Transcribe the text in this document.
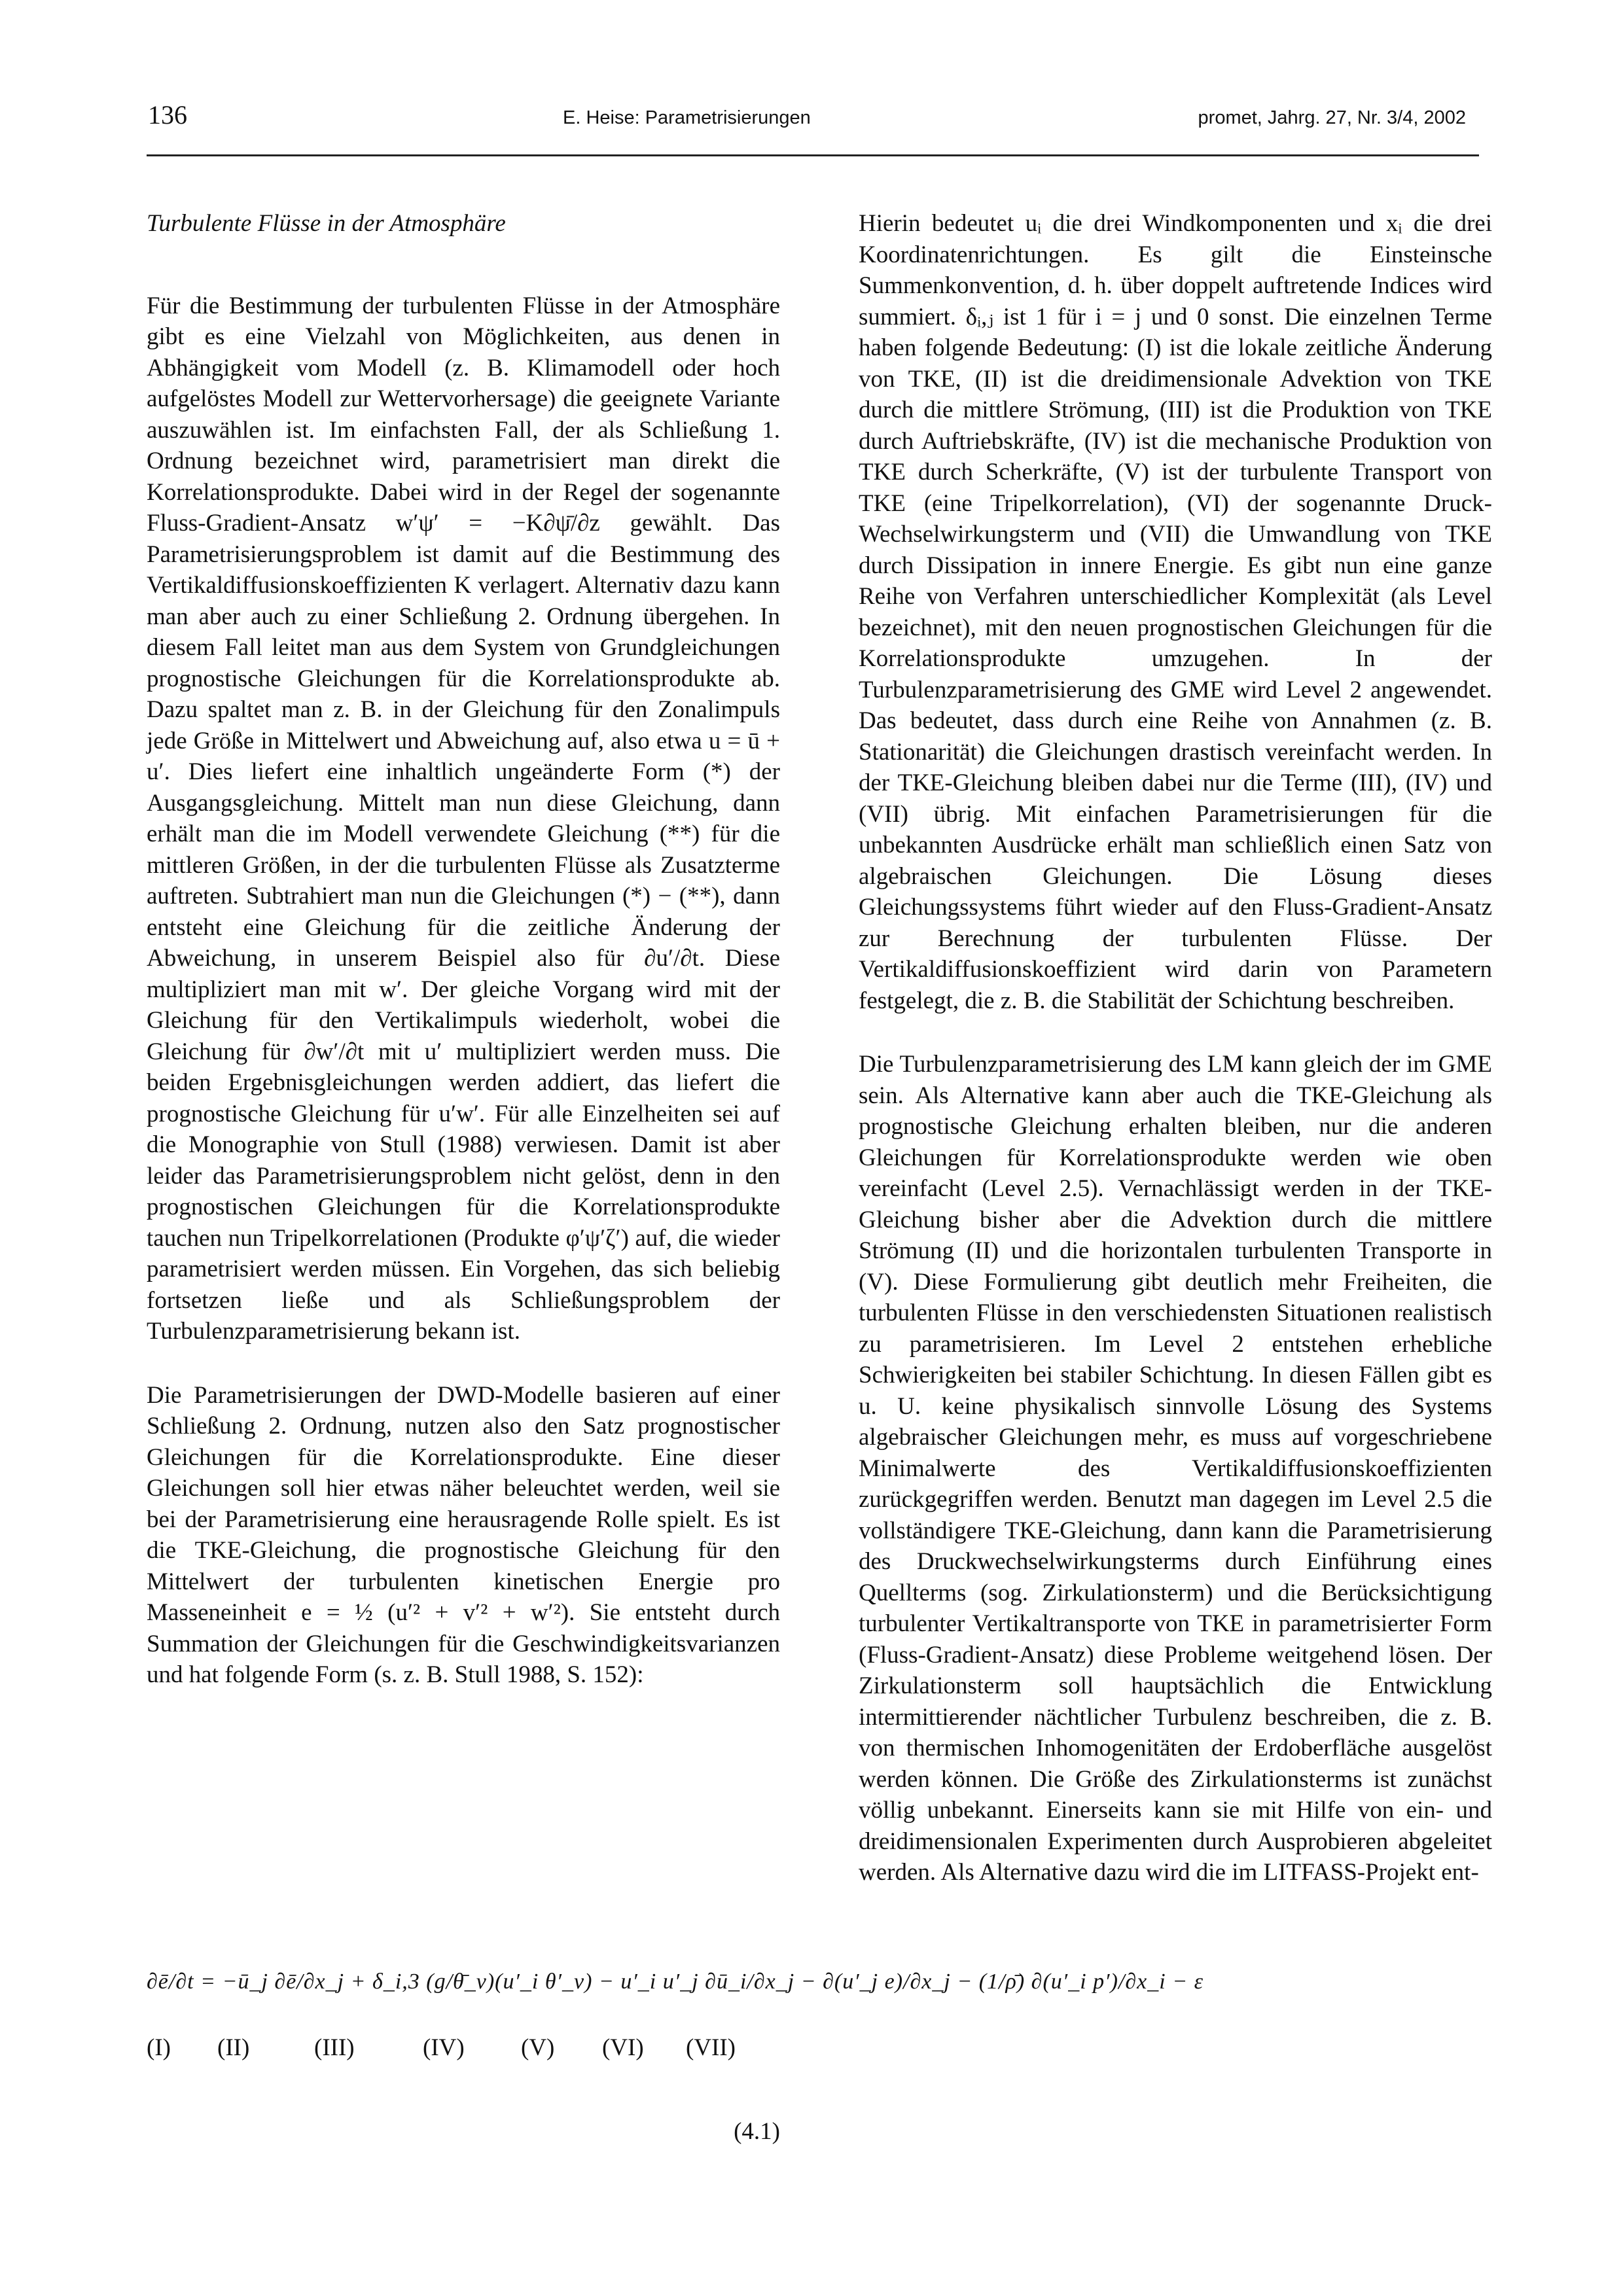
136	E. Heise: Parametrisierungen	promet, Jahrg. 27, Nr. 3/4, 2002

Turbulente Flüsse in der Atmosphäre

Für die Bestimmung der turbulenten Flüsse in der Atmosphäre gibt es eine Vielzahl von Möglichkeiten, aus denen in Abhängigkeit vom Modell (z. B. Klimamodell oder hoch aufgelöstes Modell zur Wettervorhersage) die geeignete Variante auszuwählen ist. Im einfachsten Fall, der als Schließung 1. Ordnung bezeichnet wird, parametrisiert man direkt die Korrelationsprodukte. Dabei wird in der Regel der sogenannte Fluss-Gradient-Ansatz w′ψ′ = −K∂ψ̄/∂z gewählt. Das Parametrisierungsproblem ist damit auf die Bestimmung des Vertikaldiffusionskoeffizienten K verlagert. Alternativ dazu kann man aber auch zu einer Schließung 2. Ordnung übergehen. In diesem Fall leitet man aus dem System von Grundgleichungen prognostische Gleichungen für die Korrelationsprodukte ab. Dazu spaltet man z. B. in der Gleichung für den Zonalimpuls jede Größe in Mittelwert und Abweichung auf, also etwa u = ū + u′. Dies liefert eine inhaltlich ungeänderte Form (*) der Ausgangsgleichung. Mittelt man nun diese Gleichung, dann erhält man die im Modell verwendete Gleichung (**) für die mittleren Größen, in der die turbulenten Flüsse als Zusatzterme auftreten. Subtrahiert man nun die Gleichungen (*) − (**), dann entsteht eine Gleichung für die zeitliche Änderung der Abweichung, in unserem Beispiel also für ∂u′/∂t. Diese multipliziert man mit w′. Der gleiche Vorgang wird mit der Gleichung für den Vertikalimpuls wiederholt, wobei die Gleichung für ∂w′/∂t mit u′ multipliziert werden muss. Die beiden Ergebnisgleichungen werden addiert, das liefert die prognostische Gleichung für u′w′. Für alle Einzelheiten sei auf die Monographie von Stull (1988) verwiesen. Damit ist aber leider das Parametrisierungsproblem nicht gelöst, denn in den prognostischen Gleichungen für die Korrelationsprodukte tauchen nun Tripelkorrelationen (Produkte φ′ψ′ζ′) auf, die wieder parametrisiert werden müssen. Ein Vorgehen, das sich beliebig fortsetzen ließe und als Schließungsproblem der Turbulenzparametrisierung bekann ist.

Die Parametrisierungen der DWD-Modelle basieren auf einer Schließung 2. Ordnung, nutzen also den Satz prognostischer Gleichungen für die Korrelationsprodukte. Eine dieser Gleichungen soll hier etwas näher beleuchtet werden, weil sie bei der Parametrisierung eine herausragende Rolle spielt. Es ist die TKE-Gleichung, die prognostische Gleichung für den Mittelwert der turbulenten kinetischen Energie pro Masseneinheit e = ½ (u′² + v′² + w′²). Sie entsteht durch Summation der Gleichungen für die Geschwindigkeitsvarianzen und hat folgende Form (s. z. B. Stull 1988, S. 152):

∂ē/∂t = −ū_j ∂ē/∂x_j + δ_i,3 (g/θ̄_v)(u′_i θ′_v) − u′_i u′_j ∂ū_i/∂x_j − ∂(u′_j e)/∂x_j − (1/ρ̄) ∂(u′_i p′)/∂x_i − ε
(I)	(II)	(III)	(IV)	(V)	(VI)	(VII)
(4.1)

Hierin bedeutet uᵢ die drei Windkomponenten und xᵢ die drei Koordinatenrichtungen. Es gilt die Einsteinsche Summenkonvention, d. h. über doppelt auftretende Indices wird summiert. δᵢ,ⱼ ist 1 für i = j und 0 sonst. Die einzelnen Terme haben folgende Bedeutung: (I) ist die lokale zeitliche Änderung von TKE, (II) ist die dreidimensionale Advektion von TKE durch die mittlere Strömung, (III) ist die Produktion von TKE durch Auftriebskräfte, (IV) ist die mechanische Produktion von TKE durch Scherkräfte, (V) ist der turbulente Transport von TKE (eine Tripelkorrelation), (VI) der sogenannte Druck-Wechselwirkungsterm und (VII) die Umwandlung von TKE durch Dissipation in innere Energie. Es gibt nun eine ganze Reihe von Verfahren unterschiedlicher Komplexität (als Level bezeichnet), mit den neuen prognostischen Gleichungen für die Korrelationsprodukte umzugehen. In der Turbulenzparametrisierung des GME wird Level 2 angewendet. Das bedeutet, dass durch eine Reihe von Annahmen (z. B. Stationarität) die Gleichungen drastisch vereinfacht werden. In der TKE-Gleichung bleiben dabei nur die Terme (III), (IV) und (VII) übrig. Mit einfachen Parametrisierungen für die unbekannten Ausdrücke erhält man schließlich einen Satz von algebraischen Gleichungen. Die Lösung dieses Gleichungssystems führt wieder auf den Fluss-Gradient-Ansatz zur Berechnung der turbulenten Flüsse. Der Vertikaldiffusionskoeffizient wird darin von Parametern festgelegt, die z. B. die Stabilität der Schichtung beschreiben.

Die Turbulenzparametrisierung des LM kann gleich der im GME sein. Als Alternative kann aber auch die TKE-Gleichung als prognostische Gleichung erhalten bleiben, nur die anderen Gleichungen für Korrelationsprodukte werden wie oben vereinfacht (Level 2.5). Vernachlässigt werden in der TKE-Gleichung bisher aber die Advektion durch die mittlere Strömung (II) und die horizontalen turbulenten Transporte in (V). Diese Formulierung gibt deutlich mehr Freiheiten, die turbulenten Flüsse in den verschiedensten Situationen realistisch zu parametrisieren. Im Level 2 entstehen erhebliche Schwierigkeiten bei stabiler Schichtung. In diesen Fällen gibt es u. U. keine physikalisch sinnvolle Lösung des Systems algebraischer Gleichungen mehr, es muss auf vorgeschriebene Minimalwerte des Vertikaldiffusionskoeffizienten zurückgegriffen werden. Benutzt man dagegen im Level 2.5 die vollständigere TKE-Gleichung, dann kann die Parametrisierung des Druckwechselwirkungsterms durch Einführung eines Quellterms (sog. Zirkulationsterm) und die Berücksichtigung turbulenter Vertikaltransporte von TKE in parametrisierter Form (Fluss-Gradient-Ansatz) diese Probleme weitgehend lösen. Der Zirkulationsterm soll hauptsächlich die Entwicklung intermittierender nächtlicher Turbulenz beschreiben, die z. B. von thermischen Inhomogenitäten der Erdoberfläche ausgelöst werden können. Die Größe des Zirkulationsterms ist zunächst völlig unbekannt. Einerseits kann sie mit Hilfe von ein- und dreidimensionalen Experimenten durch Ausprobieren abgeleitet werden. Als Alternative dazu wird die im LITFASS-Projekt ent-
